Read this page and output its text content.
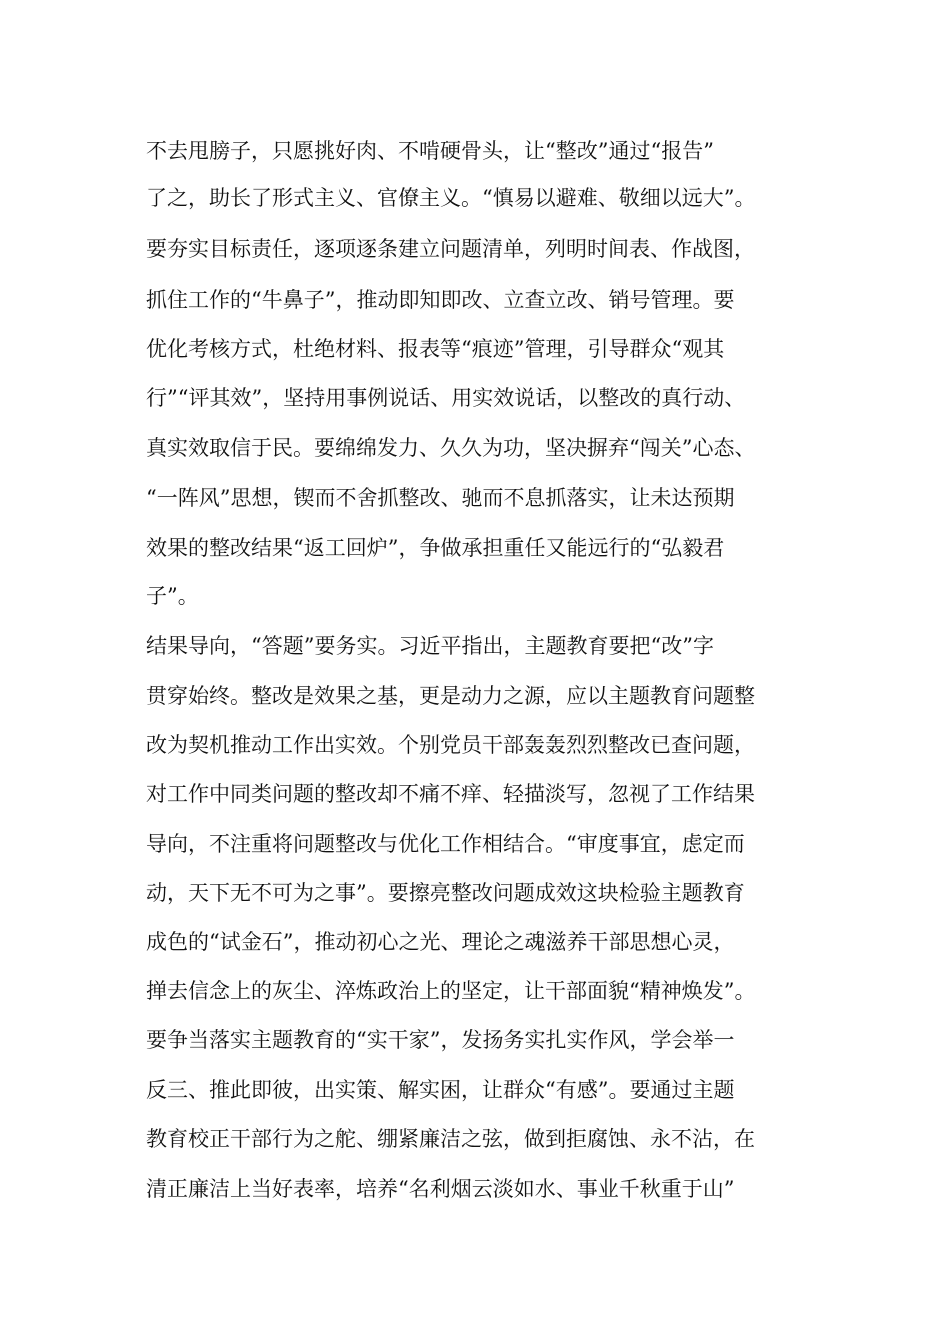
不去甩膀子，只愿挑好肉、不啃硬骨头，让“整改”通过“报告”
了之，助长了形式主义、官僚主义。“慎易以避难、敬细以远大”。
要夯实目标责任，逐项逐条建立问题清单，列明时间表、作战图，
抓住工作的“牛鼻子”，推动即知即改、立查立改、销号管理。要
优化考核方式，杜绝材料、报表等“痕迹”管理，引导群众“观其
行”“评其效”，坚持用事例说话、用实效说话，以整改的真行动、
真实效取信于民。要绵绵发力、久久为功，坚决摒弃“闯关”心态、
“一阵风”思想，锲而不舍抓整改、驰而不息抓落实，让未达预期
效果的整改结果“返工回炉”，争做承担重任又能远行的“弘毅君
子”。
结果导向，“答题”要务实。习近平指出，主题教育要把“改”字
贯穿始终。整改是效果之基，更是动力之源，应以主题教育问题整
改为契机推动工作出实效。个别党员干部轰轰烈烈整改已查问题，
对工作中同类问题的整改却不痛不痒、轻描淡写，忽视了工作结果
导向，不注重将问题整改与优化工作相结合。“审度事宜，虑定而
动，天下无不可为之事”。要擦亮整改问题成效这块检验主题教育
成色的“试金石”，推动初心之光、理论之魂滋养干部思想心灵，
掸去信念上的灰尘、淬炼政治上的坚定，让干部面貌“精神焕发”。
要争当落实主题教育的“实干家”，发扬务实扎实作风，学会举一
反三、推此即彼，出实策、解实困，让群众“有感”。要通过主题
教育校正干部行为之舵、绷紧廉洁之弦，做到拒腐蚀、永不沾，在
清正廉洁上当好表率，培养“名利烟云淡如水、事业千秋重于山”
